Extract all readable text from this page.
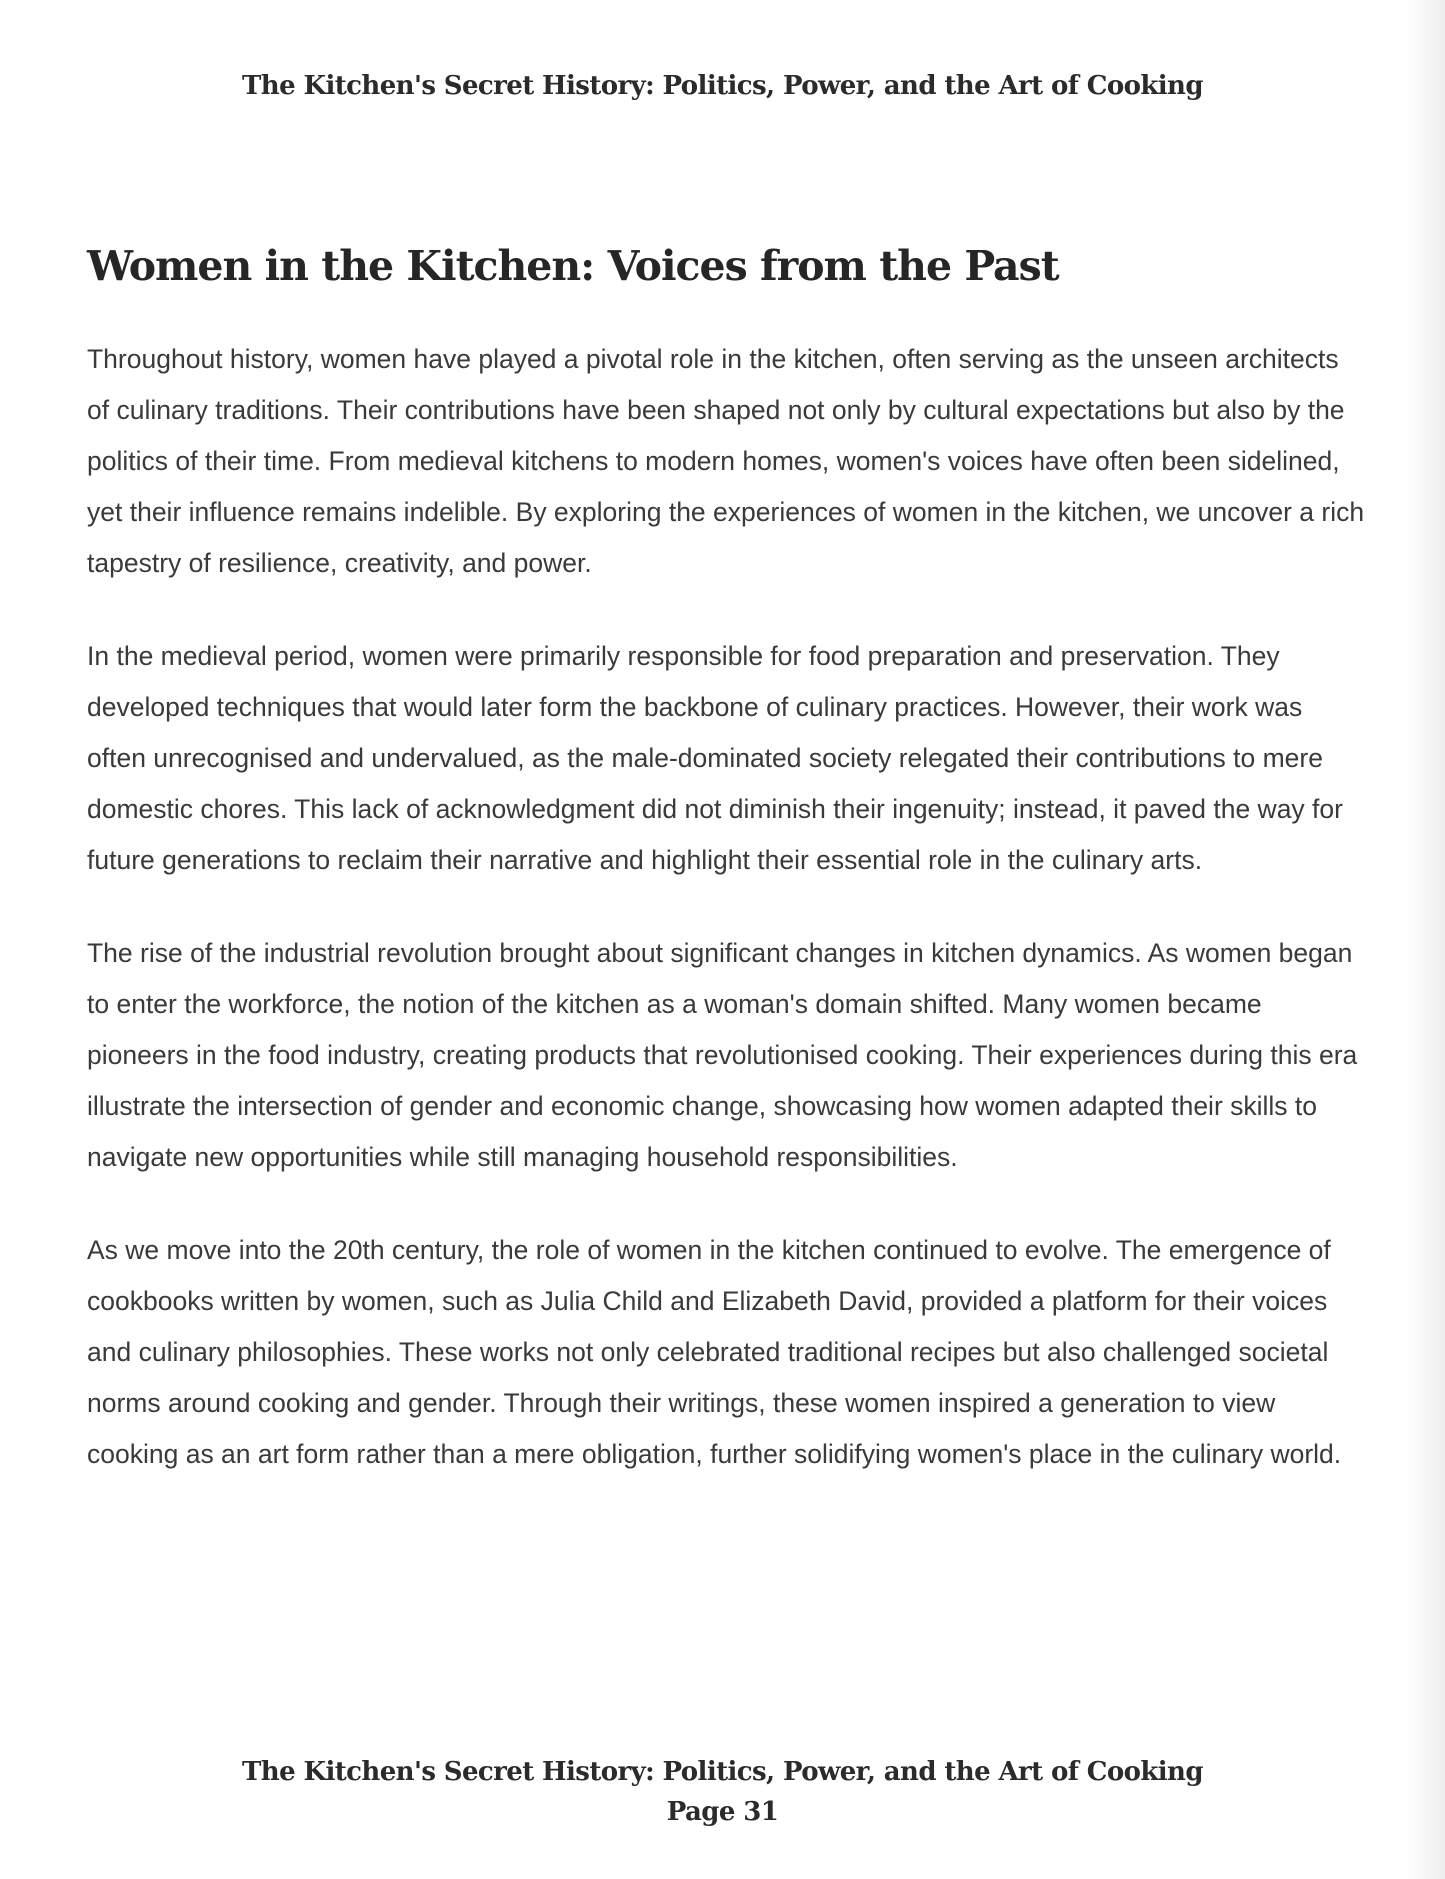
The Kitchen's Secret History: Politics, Power, and the Art of Cooking
Women in the Kitchen: Voices from the Past

Throughout history, women have played a pivotal role in the kitchen, often serving as the unseen architects of culinary traditions. Their contributions have been shaped not only by cultural expectations but also by the politics of their time. From medieval kitchens to modern homes, women's voices have often been sidelined, yet their influence remains indelible. By exploring the experiences of women in the kitchen, we uncover a rich tapestry of resilience, creativity, and power.

In the medieval period, women were primarily responsible for food preparation and preservation. They developed techniques that would later form the backbone of culinary practices. However, their work was often unrecognised and undervalued, as the male-dominated society relegated their contributions to mere domestic chores. This lack of acknowledgment did not diminish their ingenuity; instead, it paved the way for future generations to reclaim their narrative and highlight their essential role in the culinary arts.

The rise of the industrial revolution brought about significant changes in kitchen dynamics. As women began to enter the workforce, the notion of the kitchen as a woman's domain shifted. Many women became pioneers in the food industry, creating products that revolutionised cooking. Their experiences during this era illustrate the intersection of gender and economic change, showcasing how women adapted their skills to navigate new opportunities while still managing household responsibilities.

As we move into the 20th century, the role of women in the kitchen continued to evolve. The emergence of cookbooks written by women, such as Julia Child and Elizabeth David, provided a platform for their voices and culinary philosophies. These works not only celebrated traditional recipes but also challenged societal norms around cooking and gender. Through their writings, these women inspired a generation to view cooking as an art form rather than a mere obligation, further solidifying women's place in the culinary world.

The Kitchen's Secret History: Politics, Power, and the Art of Cooking
Page 31
